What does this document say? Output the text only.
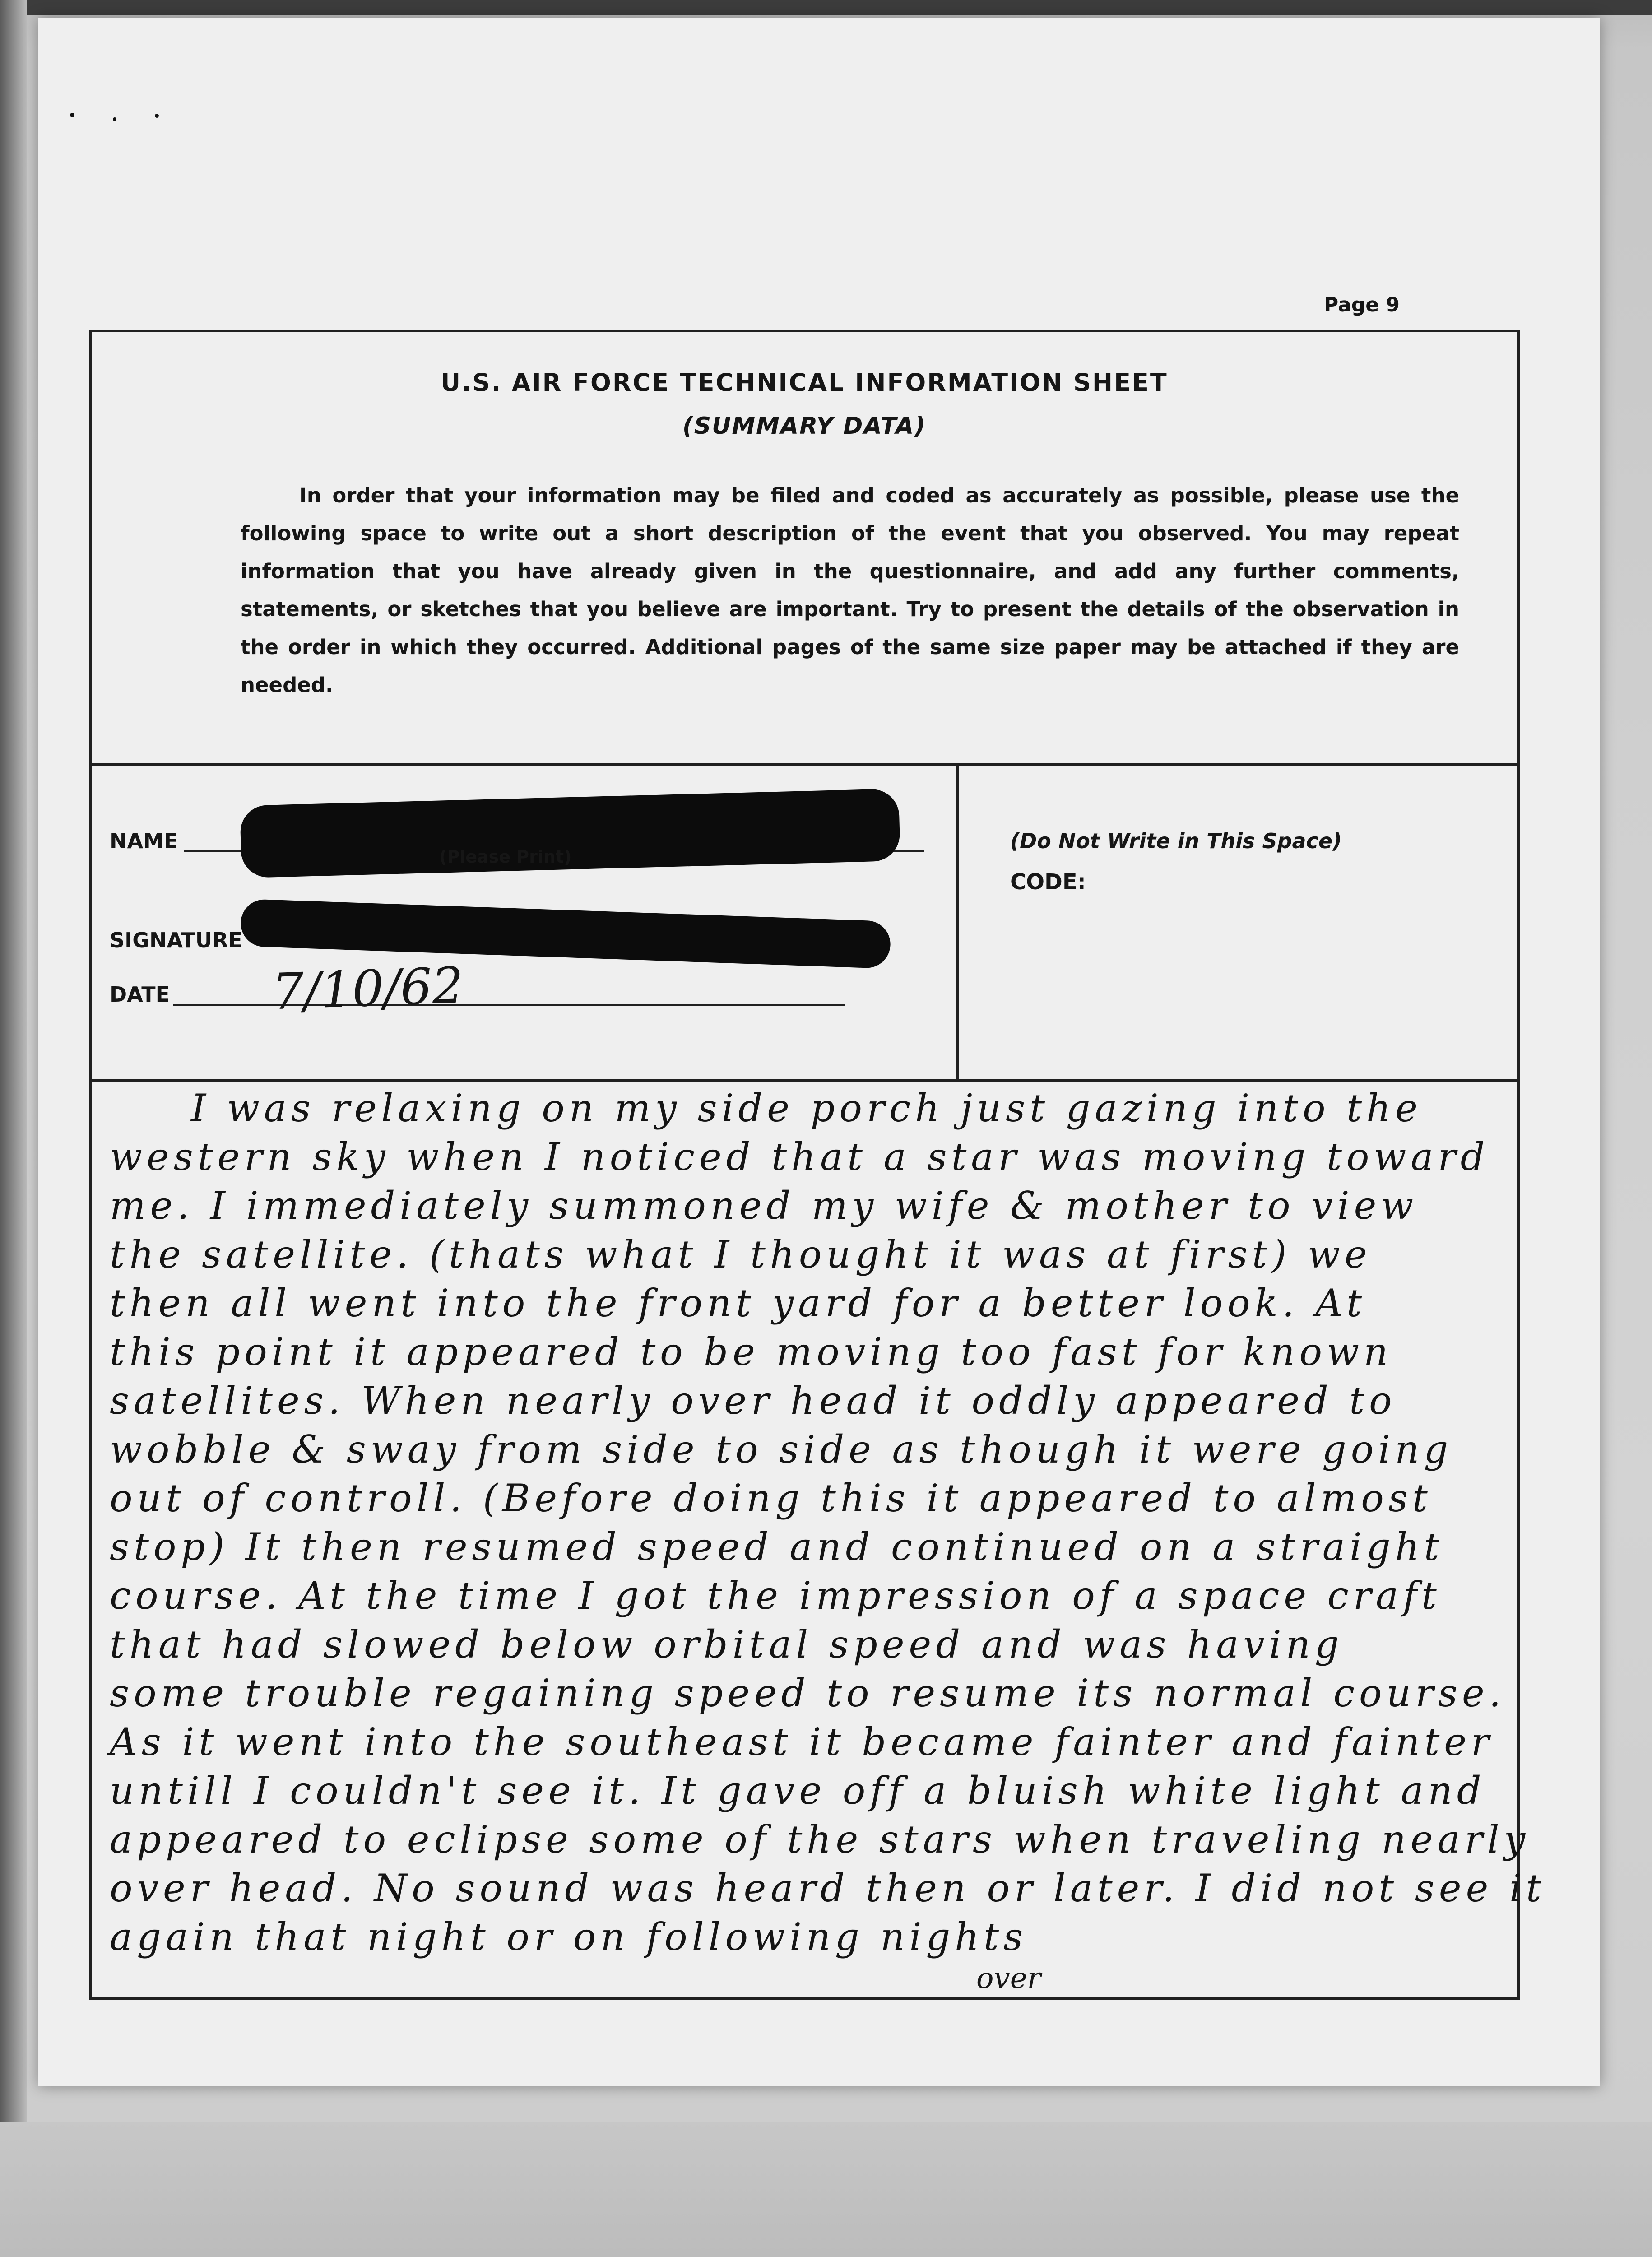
Page 9
U.S. AIR FORCE TECHNICAL INFORMATION SHEET
(SUMMARY DATA)

In order that your information may be filed and coded as accurately as possible, please use the following space to write out a short description of the event that you observed. You may repeat information that you have already given in the questionnaire, and add any further comments, statements, or sketches that you believe are important. Try to present the details of the observation in the order in which they occurred. Additional pages of the same size paper may be attached if they are needed.

NAME
(Please Print)
SIGNATURE
DATE 7/10/62
(Do Not Write in This Space)
CODE:
I was relaxing on my side porch just gazing into the
western sky when I noticed that a star was moving toward
me. I immediately summoned my wife & mother to view
the satellite. (thats what I thought it was at first) we
then all went into the front yard for a better look. At
this point it appeared to be moving too fast for known
satellites. When nearly over head it oddly appeared to
wobble & sway from side to side as though it were going
out of controll. (Before doing this it appeared to almost
stop) It then resumed speed and continued on a straight
course. At the time I got the impression of a space craft
that had slowed below orbital speed and was having
some trouble regaining speed to resume its normal course.
As it went into the southeast it became fainter and fainter
untill I couldn't see it. It gave off a bluish white light and
appeared to eclipse some of the stars when traveling nearly
over head. No sound was heard then or later. I did not see it
again that night or on following nights
over
